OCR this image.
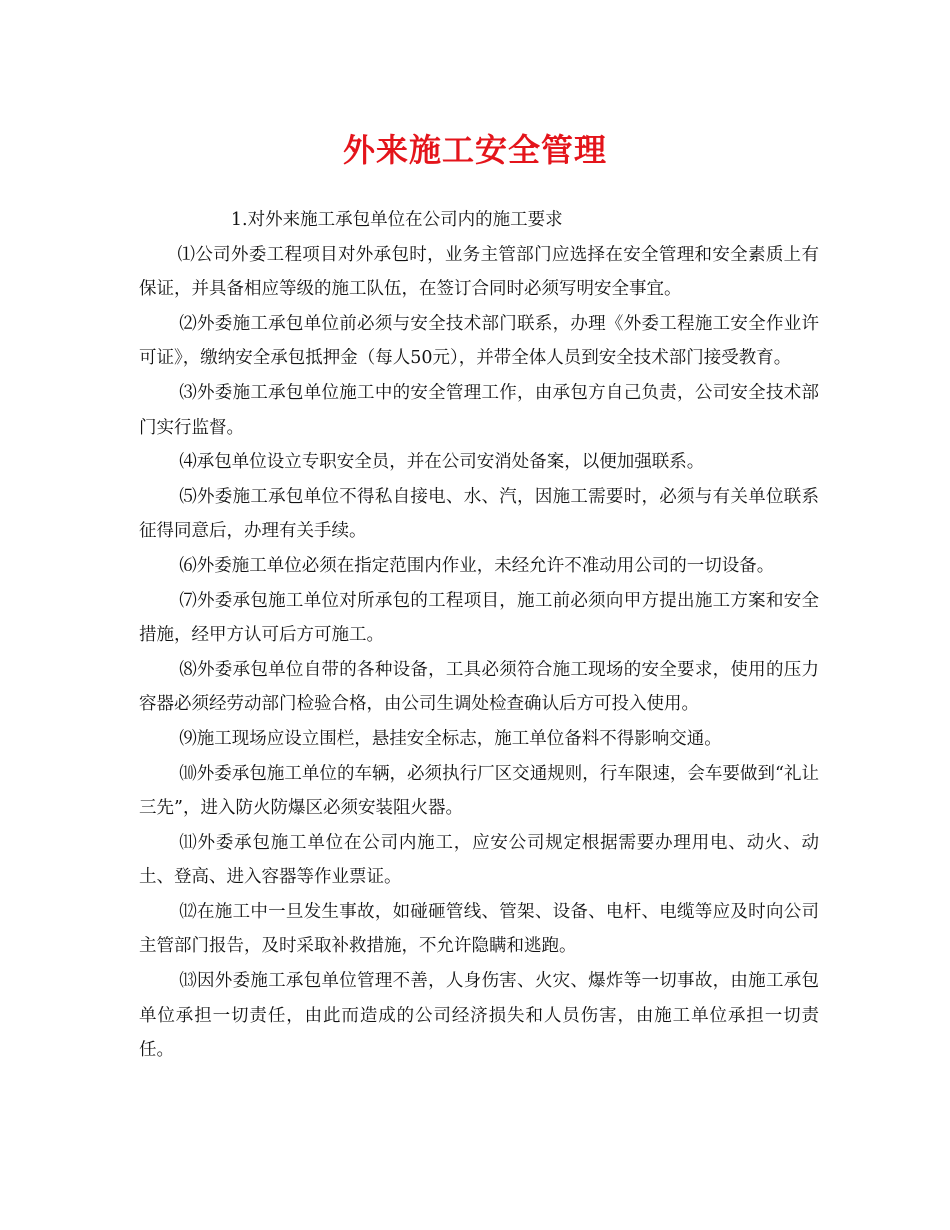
外来施工安全管理

1.对外来施工承包单位在公司内的施工要求

⑴公司外委工程项目对外承包时，业务主管部门应选择在安全管理和安全素质上有保证，并具备相应等级的施工队伍，在签订合同时必须写明安全事宜。

⑵外委施工承包单位前必须与安全技术部门联系，办理《外委工程施工安全作业许可证》，缴纳安全承包抵押金（每人50元），并带全体人员到安全技术部门接受教育。

⑶外委施工承包单位施工中的安全管理工作，由承包方自己负责，公司安全技术部门实行监督。

⑷承包单位设立专职安全员，并在公司安消处备案，以便加强联系。

⑸外委施工承包单位不得私自接电、水、汽，因施工需要时，必须与有关单位联系征得同意后，办理有关手续。

⑹外委施工单位必须在指定范围内作业，未经允许不准动用公司的一切设备。

⑺外委承包施工单位对所承包的工程项目，施工前必须向甲方提出施工方案和安全措施，经甲方认可后方可施工。

⑻外委承包单位自带的各种设备，工具必须符合施工现场的安全要求，使用的压力容器必须经劳动部门检验合格，由公司生调处检查确认后方可投入使用。

⑼施工现场应设立围栏，悬挂安全标志，施工单位备料不得影响交通。

⑽外委承包施工单位的车辆，必须执行厂区交通规则，行车限速，会车要做到“礼让三先”，进入防火防爆区必须安装阻火器。

⑾外委承包施工单位在公司内施工，应安公司规定根据需要办理用电、动火、动土、登高、进入容器等作业票证。

⑿在施工中一旦发生事故，如碰砸管线、管架、设备、电杆、电缆等应及时向公司主管部门报告，及时采取补救措施，不允许隐瞒和逃跑。

⒀因外委施工承包单位管理不善，人身伤害、火灾、爆炸等一切事故，由施工承包单位承担一切责任，由此而造成的公司经济损失和人员伤害，由施工单位承担一切责任。
